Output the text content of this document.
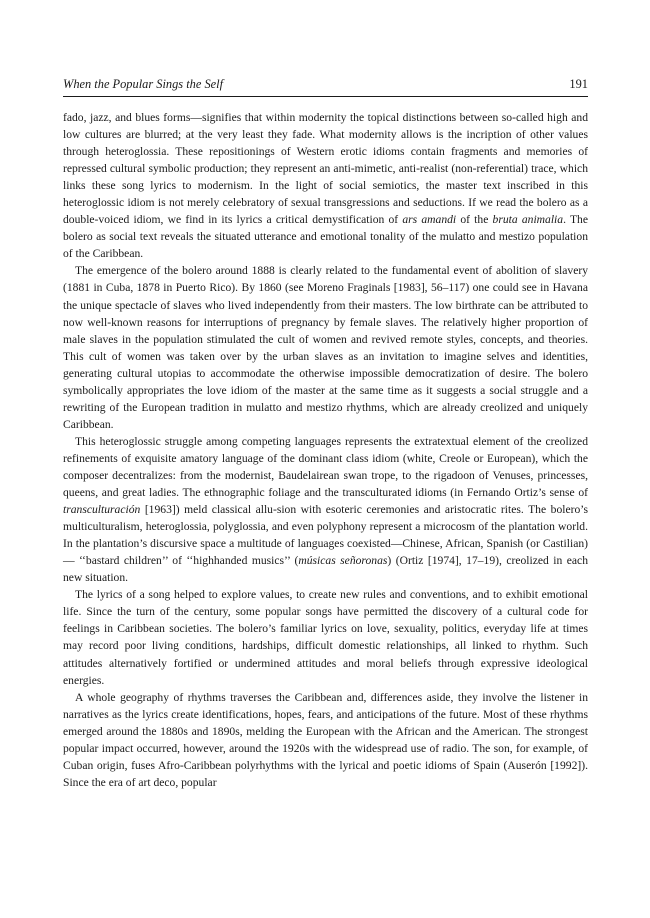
When the Popular Sings the Self	191

fado, jazz, and blues forms—signifies that within modernity the topical distinctions between so-called high and low cultures are blurred; at the very least they fade. What modernity allows is the incription of other values through heteroglossia. These repositionings of Western erotic idioms contain fragments and memories of repressed cultural symbolic production; they represent an anti-mimetic, anti-realist (non-referential) trace, which links these song lyrics to modernism. In the light of social semiotics, the master text inscribed in this heteroglossic idiom is not merely celebratory of sexual transgressions and seductions. If we read the bolero as a double-voiced idiom, we find in its lyrics a critical demystification of ars amandi of the bruta animalia. The bolero as social text reveals the situated utterance and emotional tonality of the mulatto and mestizo population of the Caribbean.

The emergence of the bolero around 1888 is clearly related to the fundamental event of abolition of slavery (1881 in Cuba, 1878 in Puerto Rico). By 1860 (see Moreno Fraginals [1983], 56–117) one could see in Havana the unique spectacle of slaves who lived independently from their masters. The low birthrate can be attributed to now well-known reasons for interruptions of pregnancy by female slaves. The relatively higher proportion of male slaves in the population stimulated the cult of women and revived remote styles, concepts, and theories. This cult of women was taken over by the urban slaves as an invitation to imagine selves and identities, generating cultural utopias to accommodate the otherwise impossible democratization of desire. The bolero symbolically appropriates the love idiom of the master at the same time as it suggests a social struggle and a rewriting of the European tradition in mulatto and mestizo rhythms, which are already creolized and uniquely Caribbean.

This heteroglossic struggle among competing languages represents the extratextual element of the creolized refinements of exquisite amatory language of the dominant class idiom (white, Creole or European), which the composer decentralizes: from the modernist, Baudelairean swan trope, to the rigadoon of Venuses, princesses, queens, and great ladies. The ethnographic foliage and the transculturated idioms (in Fernando Ortiz’s sense of transculturación [1963]) meld classical allu-sion with esoteric ceremonies and aristocratic rites. The bolero’s multiculturalism, heteroglossia, polyglossia, and even polyphony represent a microcosm of the plantation world. In the plantation’s discursive space a multitude of languages coexisted—Chinese, African, Spanish (or Castilian)— ‘‘bastard children’’ of ‘‘highhanded musics’’ (músicas señoronas) (Ortiz [1974], 17–19), creolized in each new situation.

The lyrics of a song helped to explore values, to create new rules and conventions, and to exhibit emotional life. Since the turn of the century, some popular songs have permitted the discovery of a cultural code for feelings in Caribbean societies. The bolero’s familiar lyrics on love, sexuality, politics, everyday life at times may record poor living conditions, hardships, difficult domestic relationships, all linked to rhythm. Such attitudes alternatively fortified or undermined attitudes and moral beliefs through expressive ideological energies.

A whole geography of rhythms traverses the Caribbean and, differences aside, they involve the listener in narratives as the lyrics create identifications, hopes, fears, and anticipations of the future. Most of these rhythms emerged around the 1880s and 1890s, melding the European with the African and the American. The strongest popular impact occurred, however, around the 1920s with the widespread use of radio. The son, for example, of Cuban origin, fuses Afro-Caribbean polyrhythms with the lyrical and poetic idioms of Spain (Auserón [1992]). Since the era of art deco, popular
